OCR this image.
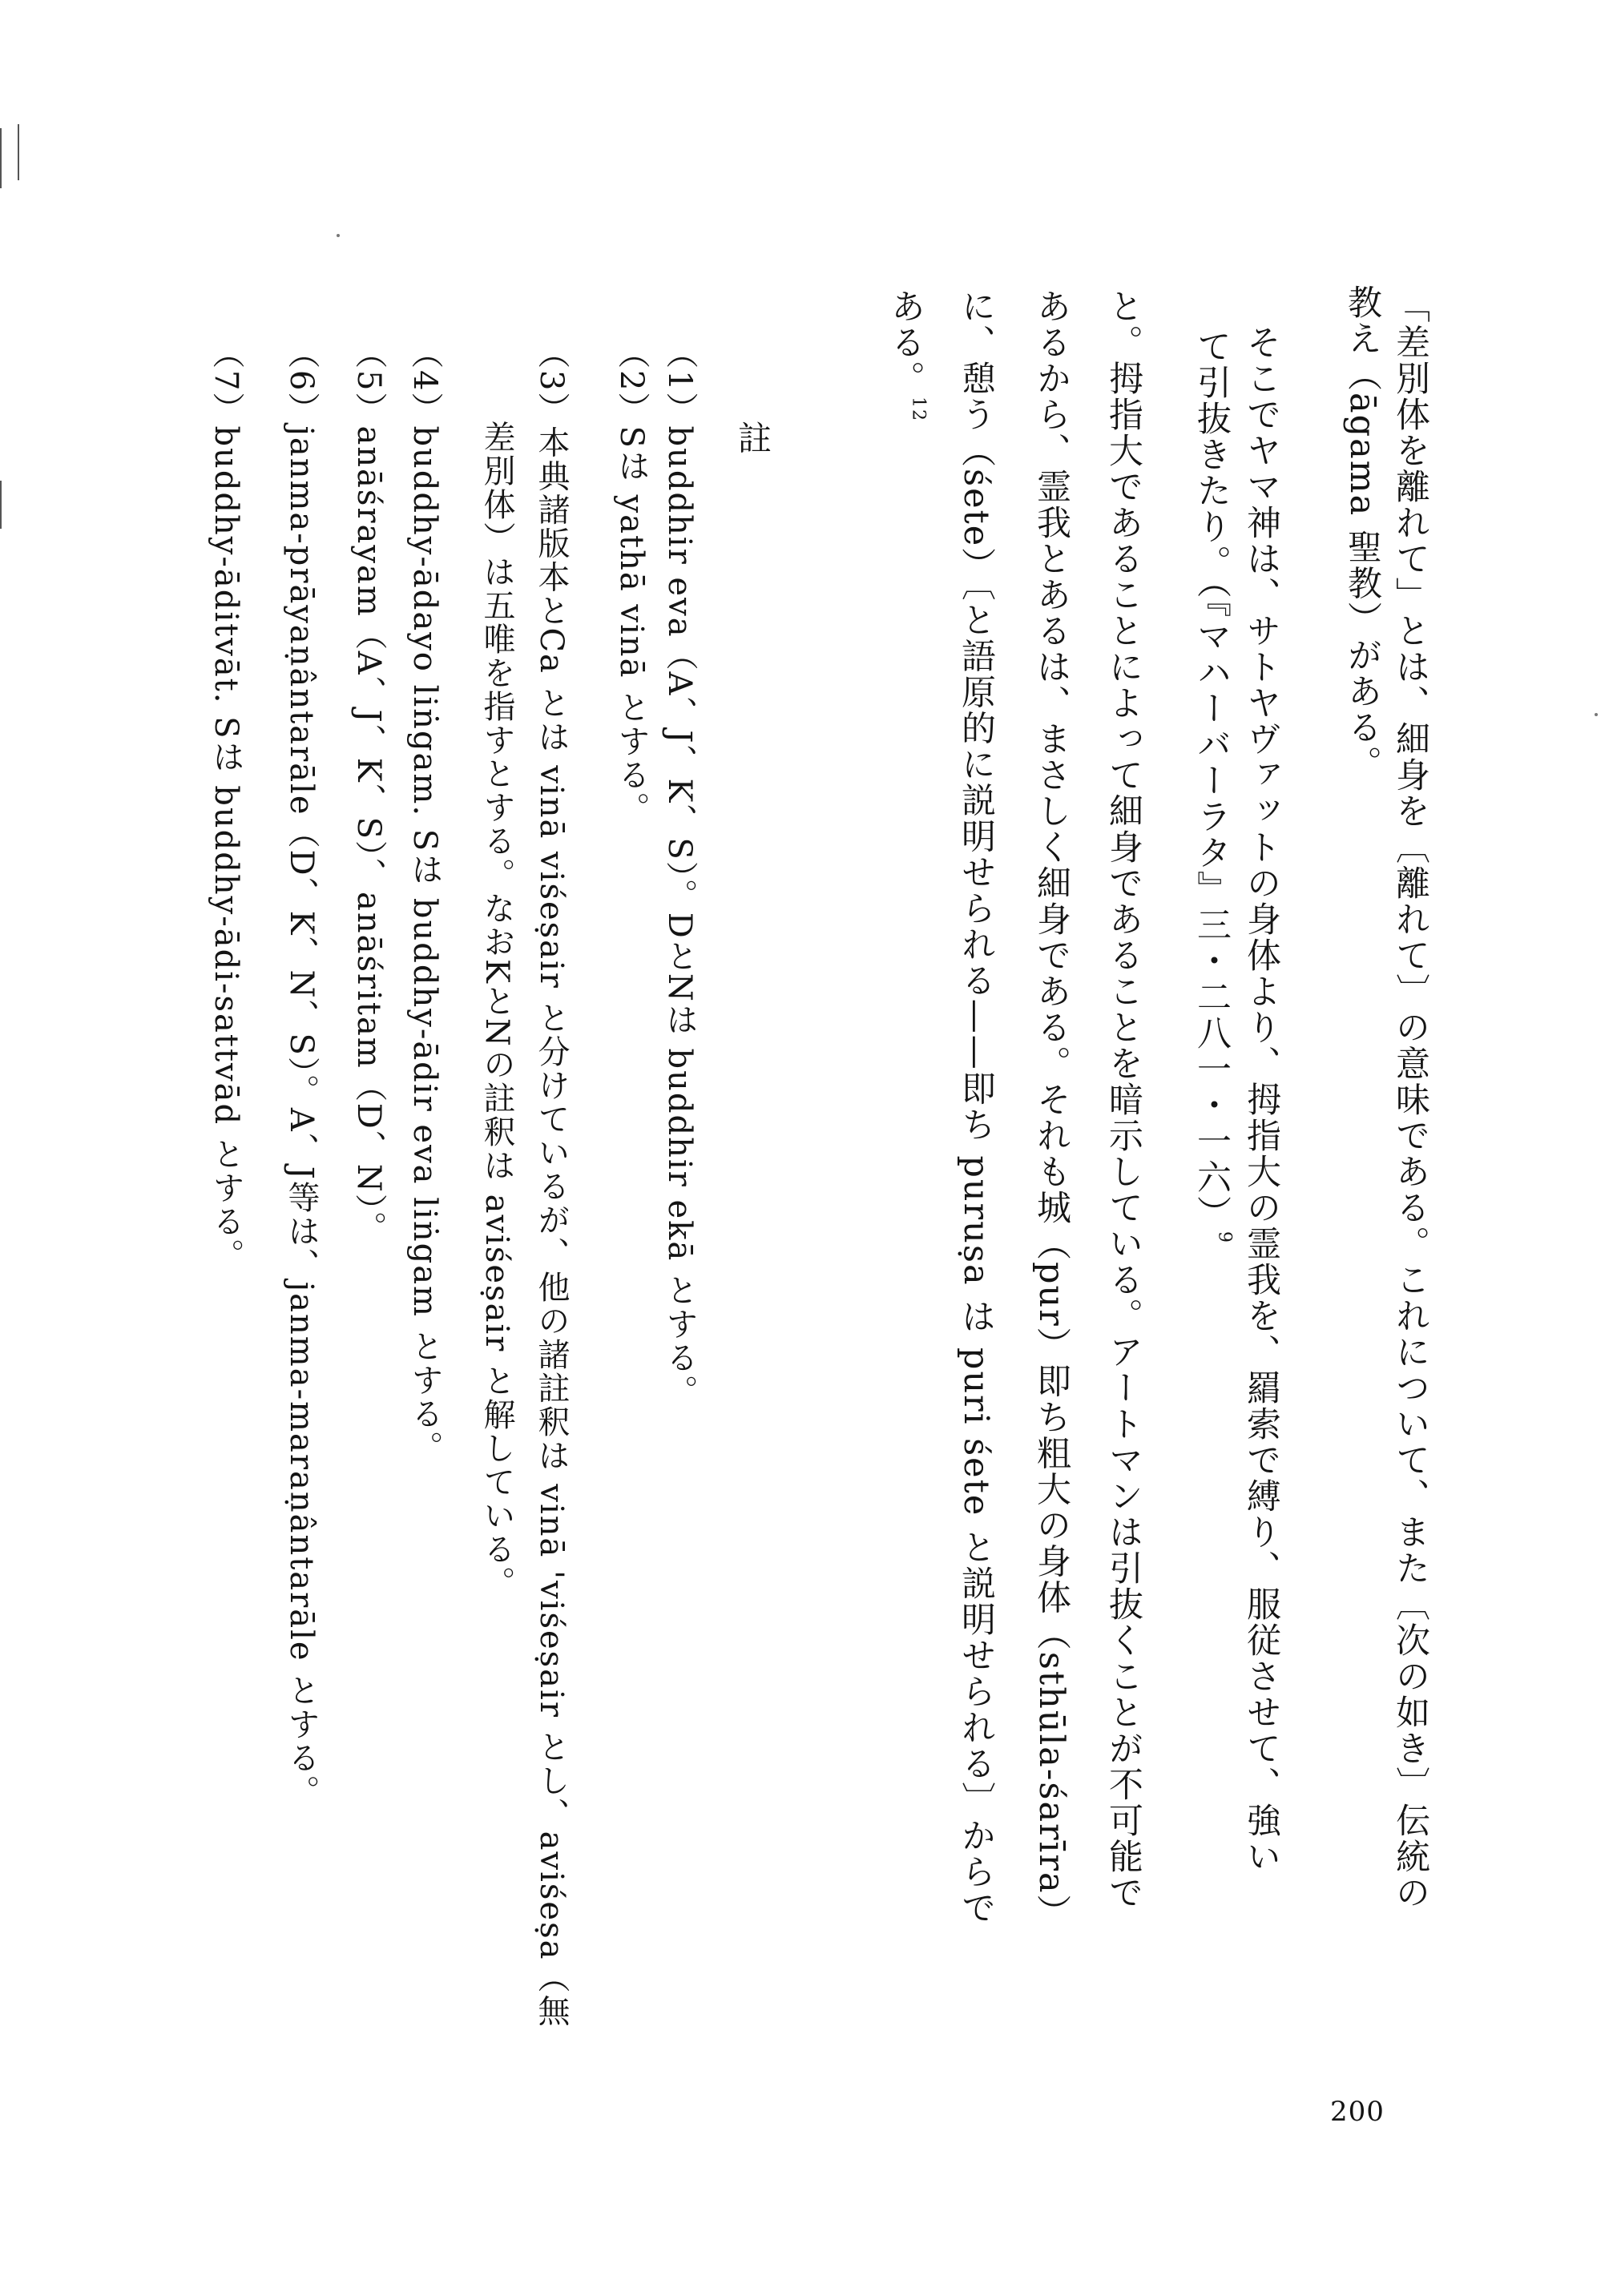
「差別体を離れて」とは、細身を〔離れて〕の意味である。これについて、また〔次の如き〕伝統の
教え（āgama 聖教）がある。
そこでヤマ神は、サトヤヴァットの身体より、拇指大の霊我を、羂索で縛り、服従させて、強い
て引抜きたり。（『マハーバーラタ』三・二八一・一六）$^9$
と。拇指大であることによって細身であることを暗示している。アートマンは引抜くことが不可能で
あるから、霊我とあるは、まさしく細身である。それも城（pur）即ち粗大の身体（sthūla-śarīra）
に、憩う（śete）〔と語原的に説明せられる——即ち puruṣa は puri śete と説明せられる〕からで
ある。$^{12}$
註
（1）buddhir eva（A、J、K、S）。DとNは buddhir ekā とする。
（2）Sは yathā vinā とする。
（3）本典諸版本とCa とは vinā viśeṣair と分けているが、他の諸註釈は vinā 'viśeṣair とし、aviśeṣa（無
差別体）は五唯を指すとする。なおKとNの註釈は aviśeṣair と解している。
（4）buddhy-ādayo liṅgam. Sは buddhy-ādir eva liṅgam とする。
（5）anāśrayam（A、J、K、S）、anāśritam（D、N）。
（6）janma-prāyaṇântarāle（D、K、N、S）。A、J等は、janma-maraṇântarāle とする。
（7）buddhy-āditvāt. Sは buddhy-ādi-sattvād とする。
200
